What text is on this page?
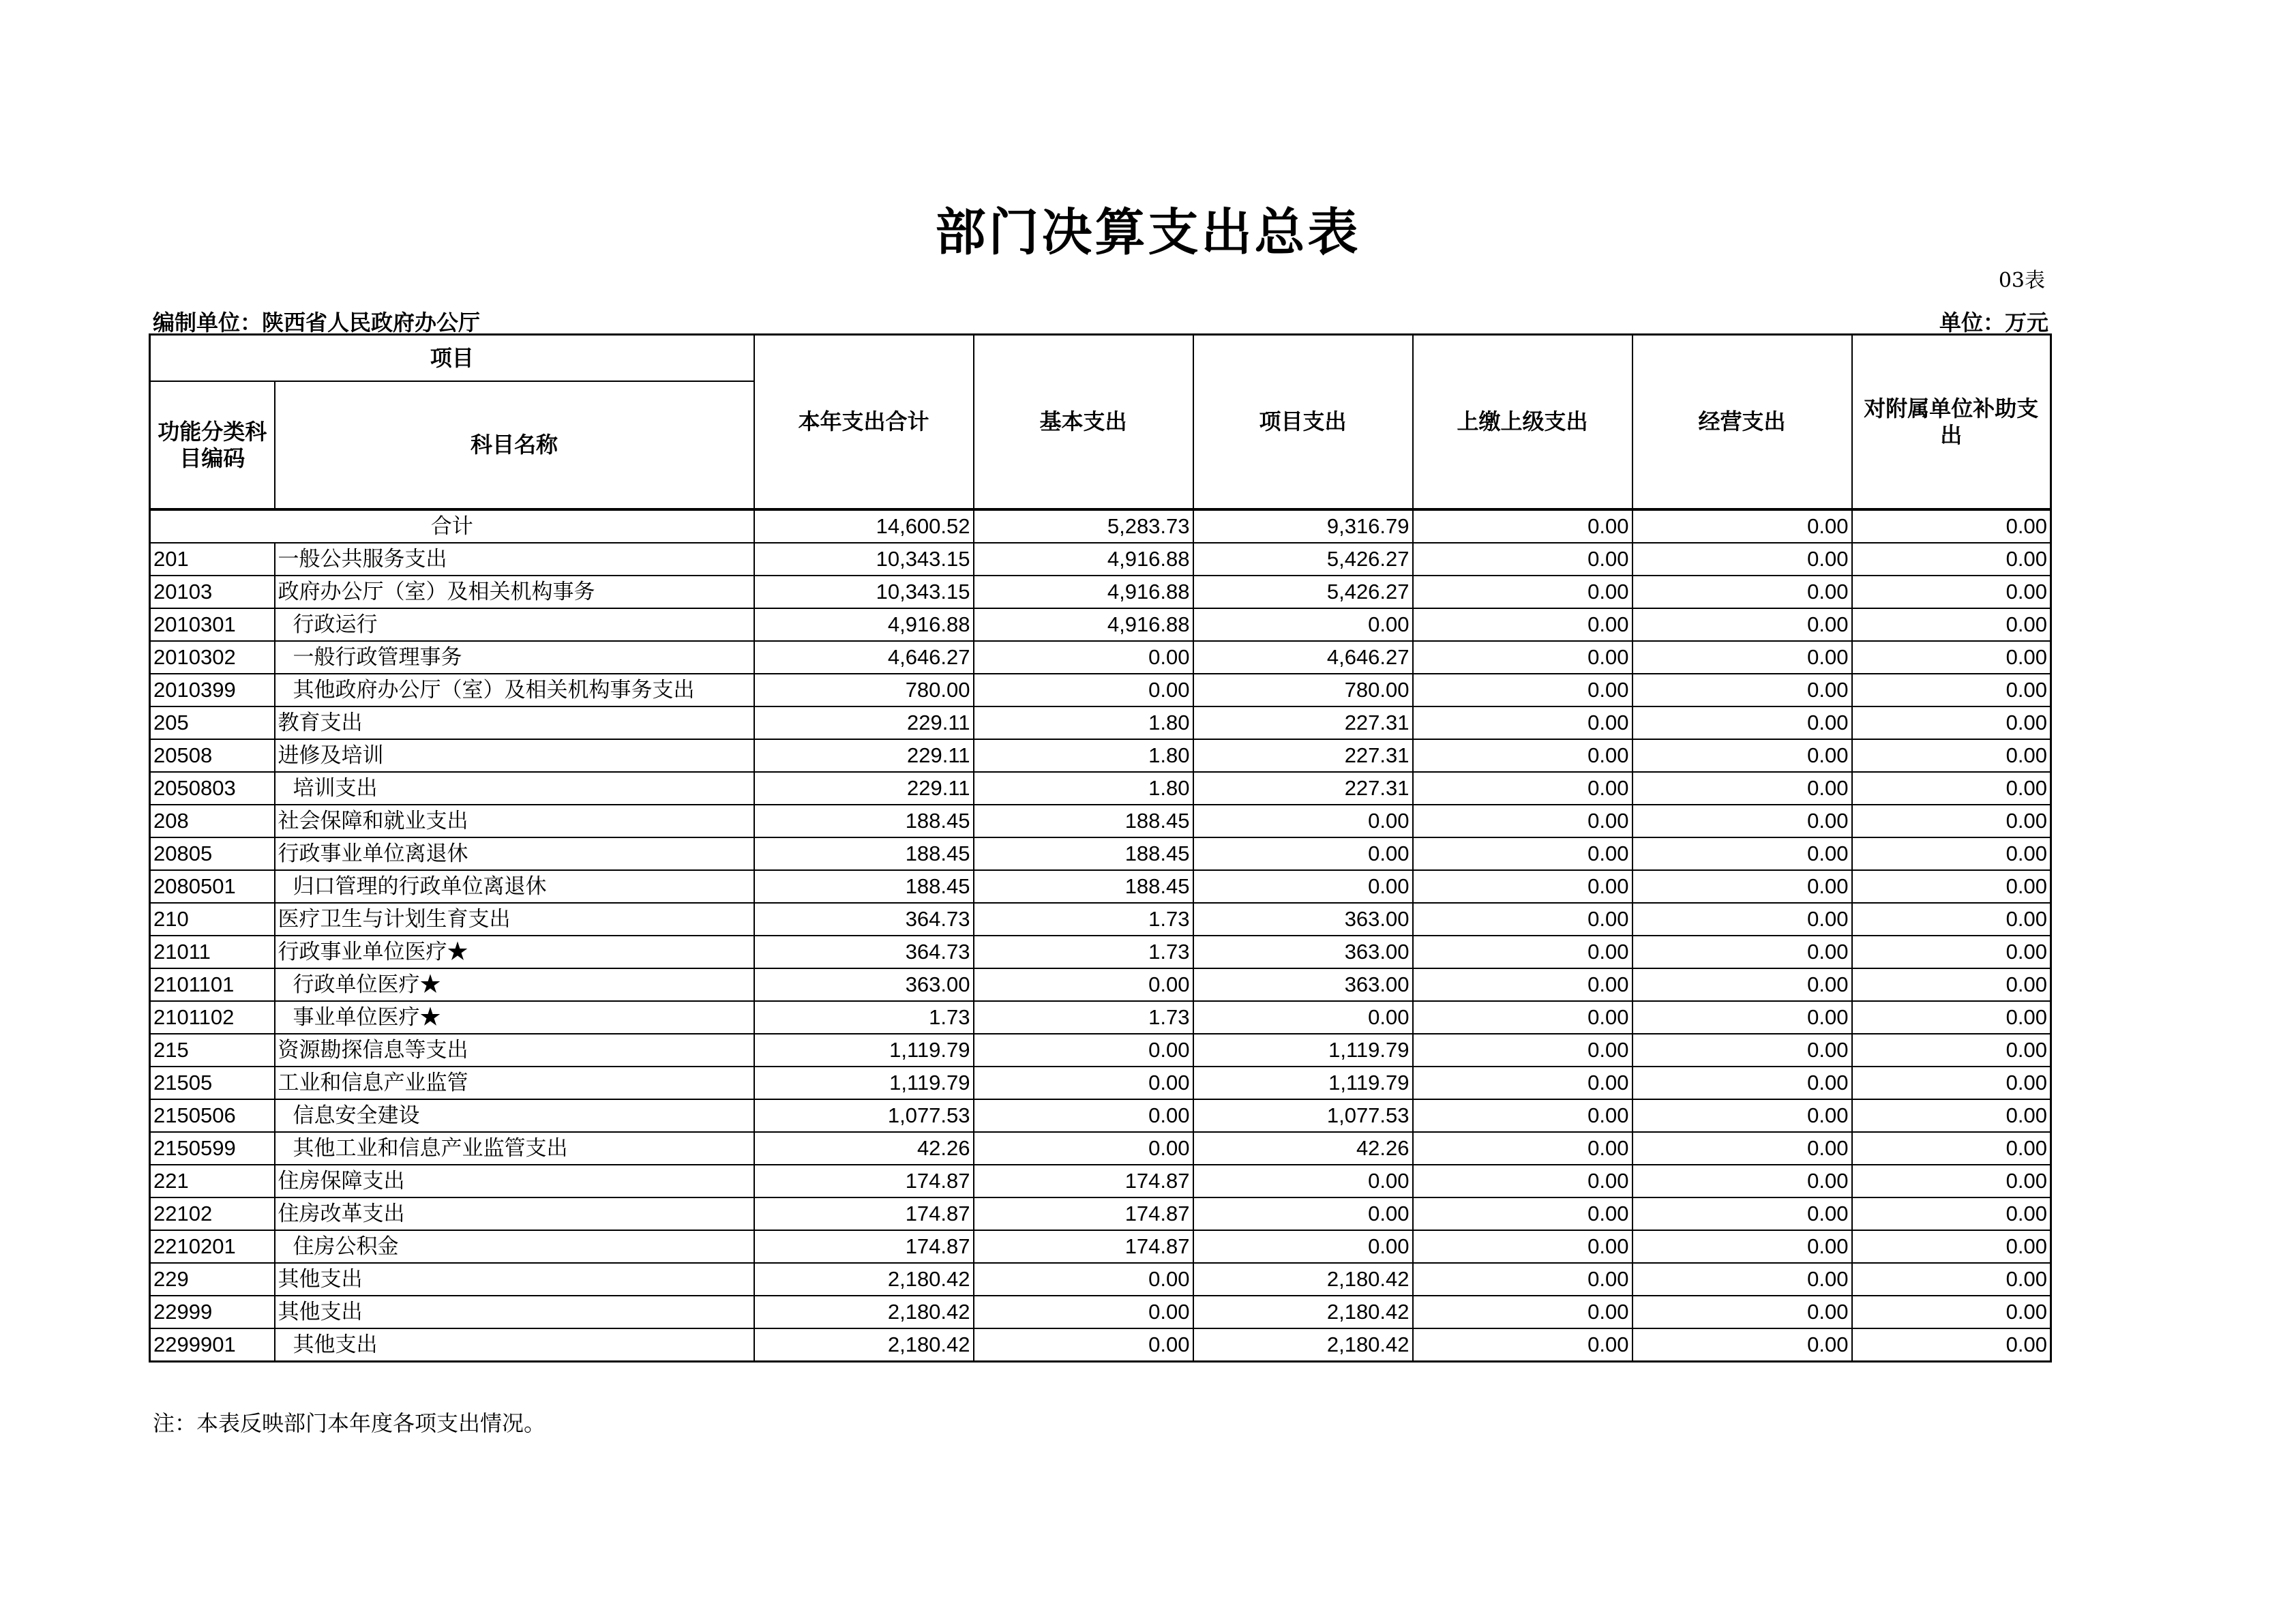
部门决算支出总表
03表
编制单位：陕西省人民政府办公厅	单位：万元
项目		本年支出合计	基本支出	项目支出	上缴上级支出	经营支出	对附属单位补助支出
功能分类科目编码	科目名称						
合计		14,600.52	5,283.73	9,316.79	0.00	0.00	0.00
201	一般公共服务支出	10,343.15	4,916.88	5,426.27	0.00	0.00	0.00
20103	政府办公厅（室）及相关机构事务	10,343.15	4,916.88	5,426.27	0.00	0.00	0.00
2010301	行政运行	4,916.88	4,916.88	0.00	0.00	0.00	0.00
2010302	一般行政管理事务	4,646.27	0.00	4,646.27	0.00	0.00	0.00
2010399	其他政府办公厅（室）及相关机构事务支出	780.00	0.00	780.00	0.00	0.00	0.00
205	教育支出	229.11	1.80	227.31	0.00	0.00	0.00
20508	进修及培训	229.11	1.80	227.31	0.00	0.00	0.00
2050803	培训支出	229.11	1.80	227.31	0.00	0.00	0.00
208	社会保障和就业支出	188.45	188.45	0.00	0.00	0.00	0.00
20805	行政事业单位离退休	188.45	188.45	0.00	0.00	0.00	0.00
2080501	归口管理的行政单位离退休	188.45	188.45	0.00	0.00	0.00	0.00
210	医疗卫生与计划生育支出	364.73	1.73	363.00	0.00	0.00	0.00
21011	行政事业单位医疗★	364.73	1.73	363.00	0.00	0.00	0.00
2101101	行政单位医疗★	363.00	0.00	363.00	0.00	0.00	0.00
2101102	事业单位医疗★	1.73	1.73	0.00	0.00	0.00	0.00
215	资源勘探信息等支出	1,119.79	0.00	1,119.79	0.00	0.00	0.00
21505	工业和信息产业监管	1,119.79	0.00	1,119.79	0.00	0.00	0.00
2150506	信息安全建设	1,077.53	0.00	1,077.53	0.00	0.00	0.00
2150599	其他工业和信息产业监管支出	42.26	0.00	42.26	0.00	0.00	0.00
221	住房保障支出	174.87	174.87	0.00	0.00	0.00	0.00
22102	住房改革支出	174.87	174.87	0.00	0.00	0.00	0.00
2210201	住房公积金	174.87	174.87	0.00	0.00	0.00	0.00
229	其他支出	2,180.42	0.00	2,180.42	0.00	0.00	0.00
22999	其他支出	2,180.42	0.00	2,180.42	0.00	0.00	0.00
2299901	其他支出	2,180.42	0.00	2,180.42	0.00	0.00	0.00
注：本表反映部门本年度各项支出情况。
